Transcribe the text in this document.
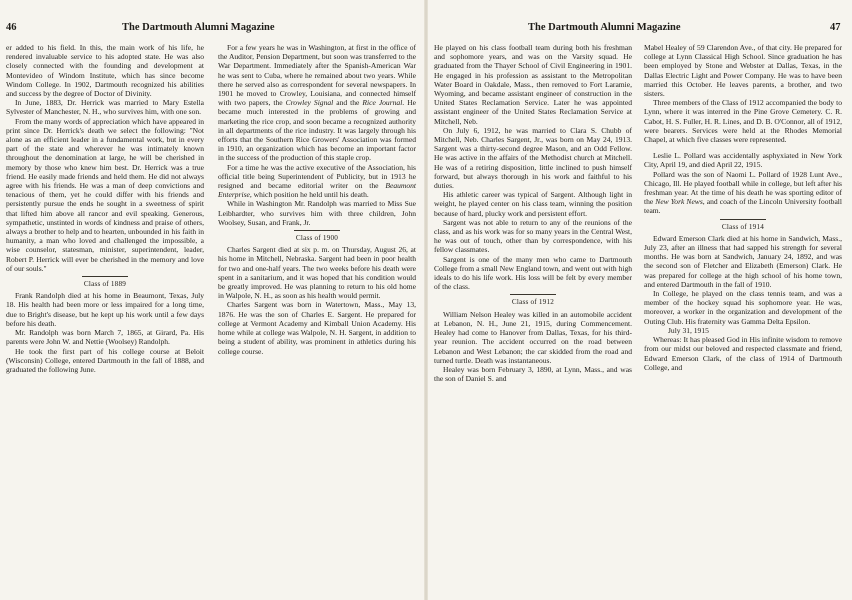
46	The Dartmouth Alumni Magazine

er added to his field. In this, the main work of his life, he rendered invaluable service to his adopted state. He was also closely connected with the founding and development at Montevideo of Windom Institute, which has since become Windom College. In 1902, Dartmouth recognized his abilities and success by the degree of Doctor of Divinity.

In June, 1883, Dr. Herrick was married to Mary Estella Sylvester of Manchester, N. H., who survives him, with one son.

From the many words of appreciation which have appeared in print since Dr. Herrick's death we select the following: "Not alone as an efficient leader in a fundamental work, but in every part of the state and wherever he was intimately known throughout the denomination at large, he will be cherished in memory by those who knew him best. Dr. Herrick was a true friend. He easily made friends and held them. He did not always agree with his friends. He was a man of deep convictions and tenacious of them, yet he could differ with his friends and persistently pursue the ends he sought in a sweetness of spirit that lifted him above all rancor and evil speaking. Generous, sympathetic, unstinted in words of kindness and praise of others, always a brother to help and to hearten, unbounded in his faith in humanity, a man who loved and challenged the impossible, a wise counselor, statesman, minister, superintendent, leader, Robert P. Herrick will ever be cherished in the memory and love of our souls."

Class of 1889

Frank Randolph died at his home in Beaumont, Texas, July 18. His health had been more or less impaired for a long time, due to Bright's disease, but he kept up his work until a few days before his death.

Mr. Randolph was born March 7, 1865, at Girard, Pa. His parents were John W. and Nettie (Woolsey) Randolph.

He took the first part of his college course at Beloit (Wisconsin) College, entered Dartmouth in the fall of 1888, and graduated the following June.

For a few years he was in Washington, at first in the office of the Auditor, Pension Department, but soon was transferred to the War Department. Immediately after the Spanish-American War he was sent to Cuba, where he remained about two years. While there he served also as correspondent for several newspapers. In 1901 he moved to Crowley, Louisiana, and connected himself with two papers, the Crowley Signal and the Rice Journal. He became much interested in the problems of growing and marketing the rice crop, and soon became a recognized authority in all departments of the rice industry. It was largely through his efforts that the Southern Rice Growers' Association was formed in 1910, an organization which has become an important factor in the success of the production of this staple crop.

For a time he was the active executive of the Association, his official title being Superintendent of Publicity, but in 1913 he resigned and became editorial writer on the Beaumont Enterprise, which position he held until his death.

While in Washington Mr. Randolph was married to Miss Sue Leibhardter, who survives him with three children, John Woolsey, Susan, and Frank, Jr.

Class of 1900

Charles Sargent died at six p. m. on Thursday, August 26, at his home in Mitchell, Nebraska. Sargent had been in poor health for two and one-half years. The two weeks before his death were spent in a sanitarium, and it was hoped that his condition would be greatly improved. He was planning to return to his old home in Walpole, N. H., as soon as his health would permit.

Charles Sargent was born in Watertown, Mass., May 13, 1876. He was the son of Charles E. Sargent. He prepared for college at Vermont Academy and Kimball Union Academy. His home while at college was Walpole, N. H. Sargent, in addition to being a student of ability, was prominent in athletics during his college course.

The Dartmouth Alumni Magazine	47

He played on his class football team during both his freshman and sophomore years, and was on the Varsity squad. He graduated from the Thayer School of Civil Engineering in 1901. He engaged in his profession as assistant to the Metropolitan Water Board in Oakdale, Mass., then removed to Fort Laramie, Wyoming, and became assistant engineer of construction in the United States Reclamation Service. Later he was appointed assistant engineer of the United States Reclamation Service at Mitchell, Neb.

On July 6, 1912, he was married to Clara S. Chubb of Mitchell, Neb. Charles Sargent, Jr., was born on May 24, 1913. Sargent was a thirty-second degree Mason, and an Odd Fellow. He was active in the affairs of the Methodist church at Mitchell. He was of a retiring disposition, little inclined to push himself forward, but always thorough in his work and faithful to his duties.

His athletic career was typical of Sargent. Although light in weight, he played center on his class team, winning the position because of hard, plucky work and persistent effort.

Sargent was not able to return to any of the reunions of the class, and as his work was for so many years in the Central West, he was out of touch, other than by correspondence, with his fellow classmates.

Sargent is one of the many men who came to Dartmouth College from a small New England town, and went out with high ideals to do his life work. His loss will be felt by every member of the class.

Class of 1912

William Nelson Healey was killed in an automobile accident at Lebanon, N. H., June 21, 1915, during Commencement. Healey had come to Hanover from Dallas, Texas, for his third-year reunion. The accident occurred on the road between Lebanon and West Lebanon; the car skidded from the road and turned turtle. Death was instantaneous.

Healey was born February 3, 1890, at Lynn, Mass., and was the son of Daniel S. and

Mabel Healey of 59 Clarendon Ave., of that city. He prepared for college at Lynn Classical High School. Since graduation he has been employed by Stone and Webster at Dallas, Texas, in the Dallas Electric Light and Power Company. He was to have been married this October. He leaves parents, a brother, and two sisters.

Three members of the Class of 1912 accompanied the body to Lynn, where it was interred in the Pine Grove Cemetery. C. R. Cabot, H. S. Fuller, H. R. Lines, and D. B. O'Connor, all of 1912, were bearers. Services were held at the Rhodes Memorial Chapel, at which five classes were represented.

Leslie L. Pollard was accidentally asphyxiated in New York City, April 19, and died April 22, 1915.

Pollard was the son of Naomi L. Pollard of 1928 Lunt Ave., Chicago, Ill. He played football while in college, but left after his freshman year. At the time of his death he was sporting editor of the New York News, and coach of the Lincoln University football team.

Class of 1914

Edward Emerson Clark died at his home in Sandwich, Mass., July 23, after an illness that had sapped his strength for several months. He was born at Sandwich, January 24, 1892, and was the second son of Fletcher and Elizabeth (Emerson) Clark. He was prepared for college at the high school of his home town, and entered Dartmouth in the fall of 1910.

In College, he played on the class tennis team, and was a member of the hockey squad his sophomore year. He was, moreover, a worker in the organization and development of the Outing Club. His fraternity was Gamma Delta Epsilon.

July 31, 1915

Whereas: It has pleased God in His infinite wisdom to remove from our midst our beloved and respected classmate and friend, Edward Emerson Clark, of the class of 1914 of Dartmouth College, and
